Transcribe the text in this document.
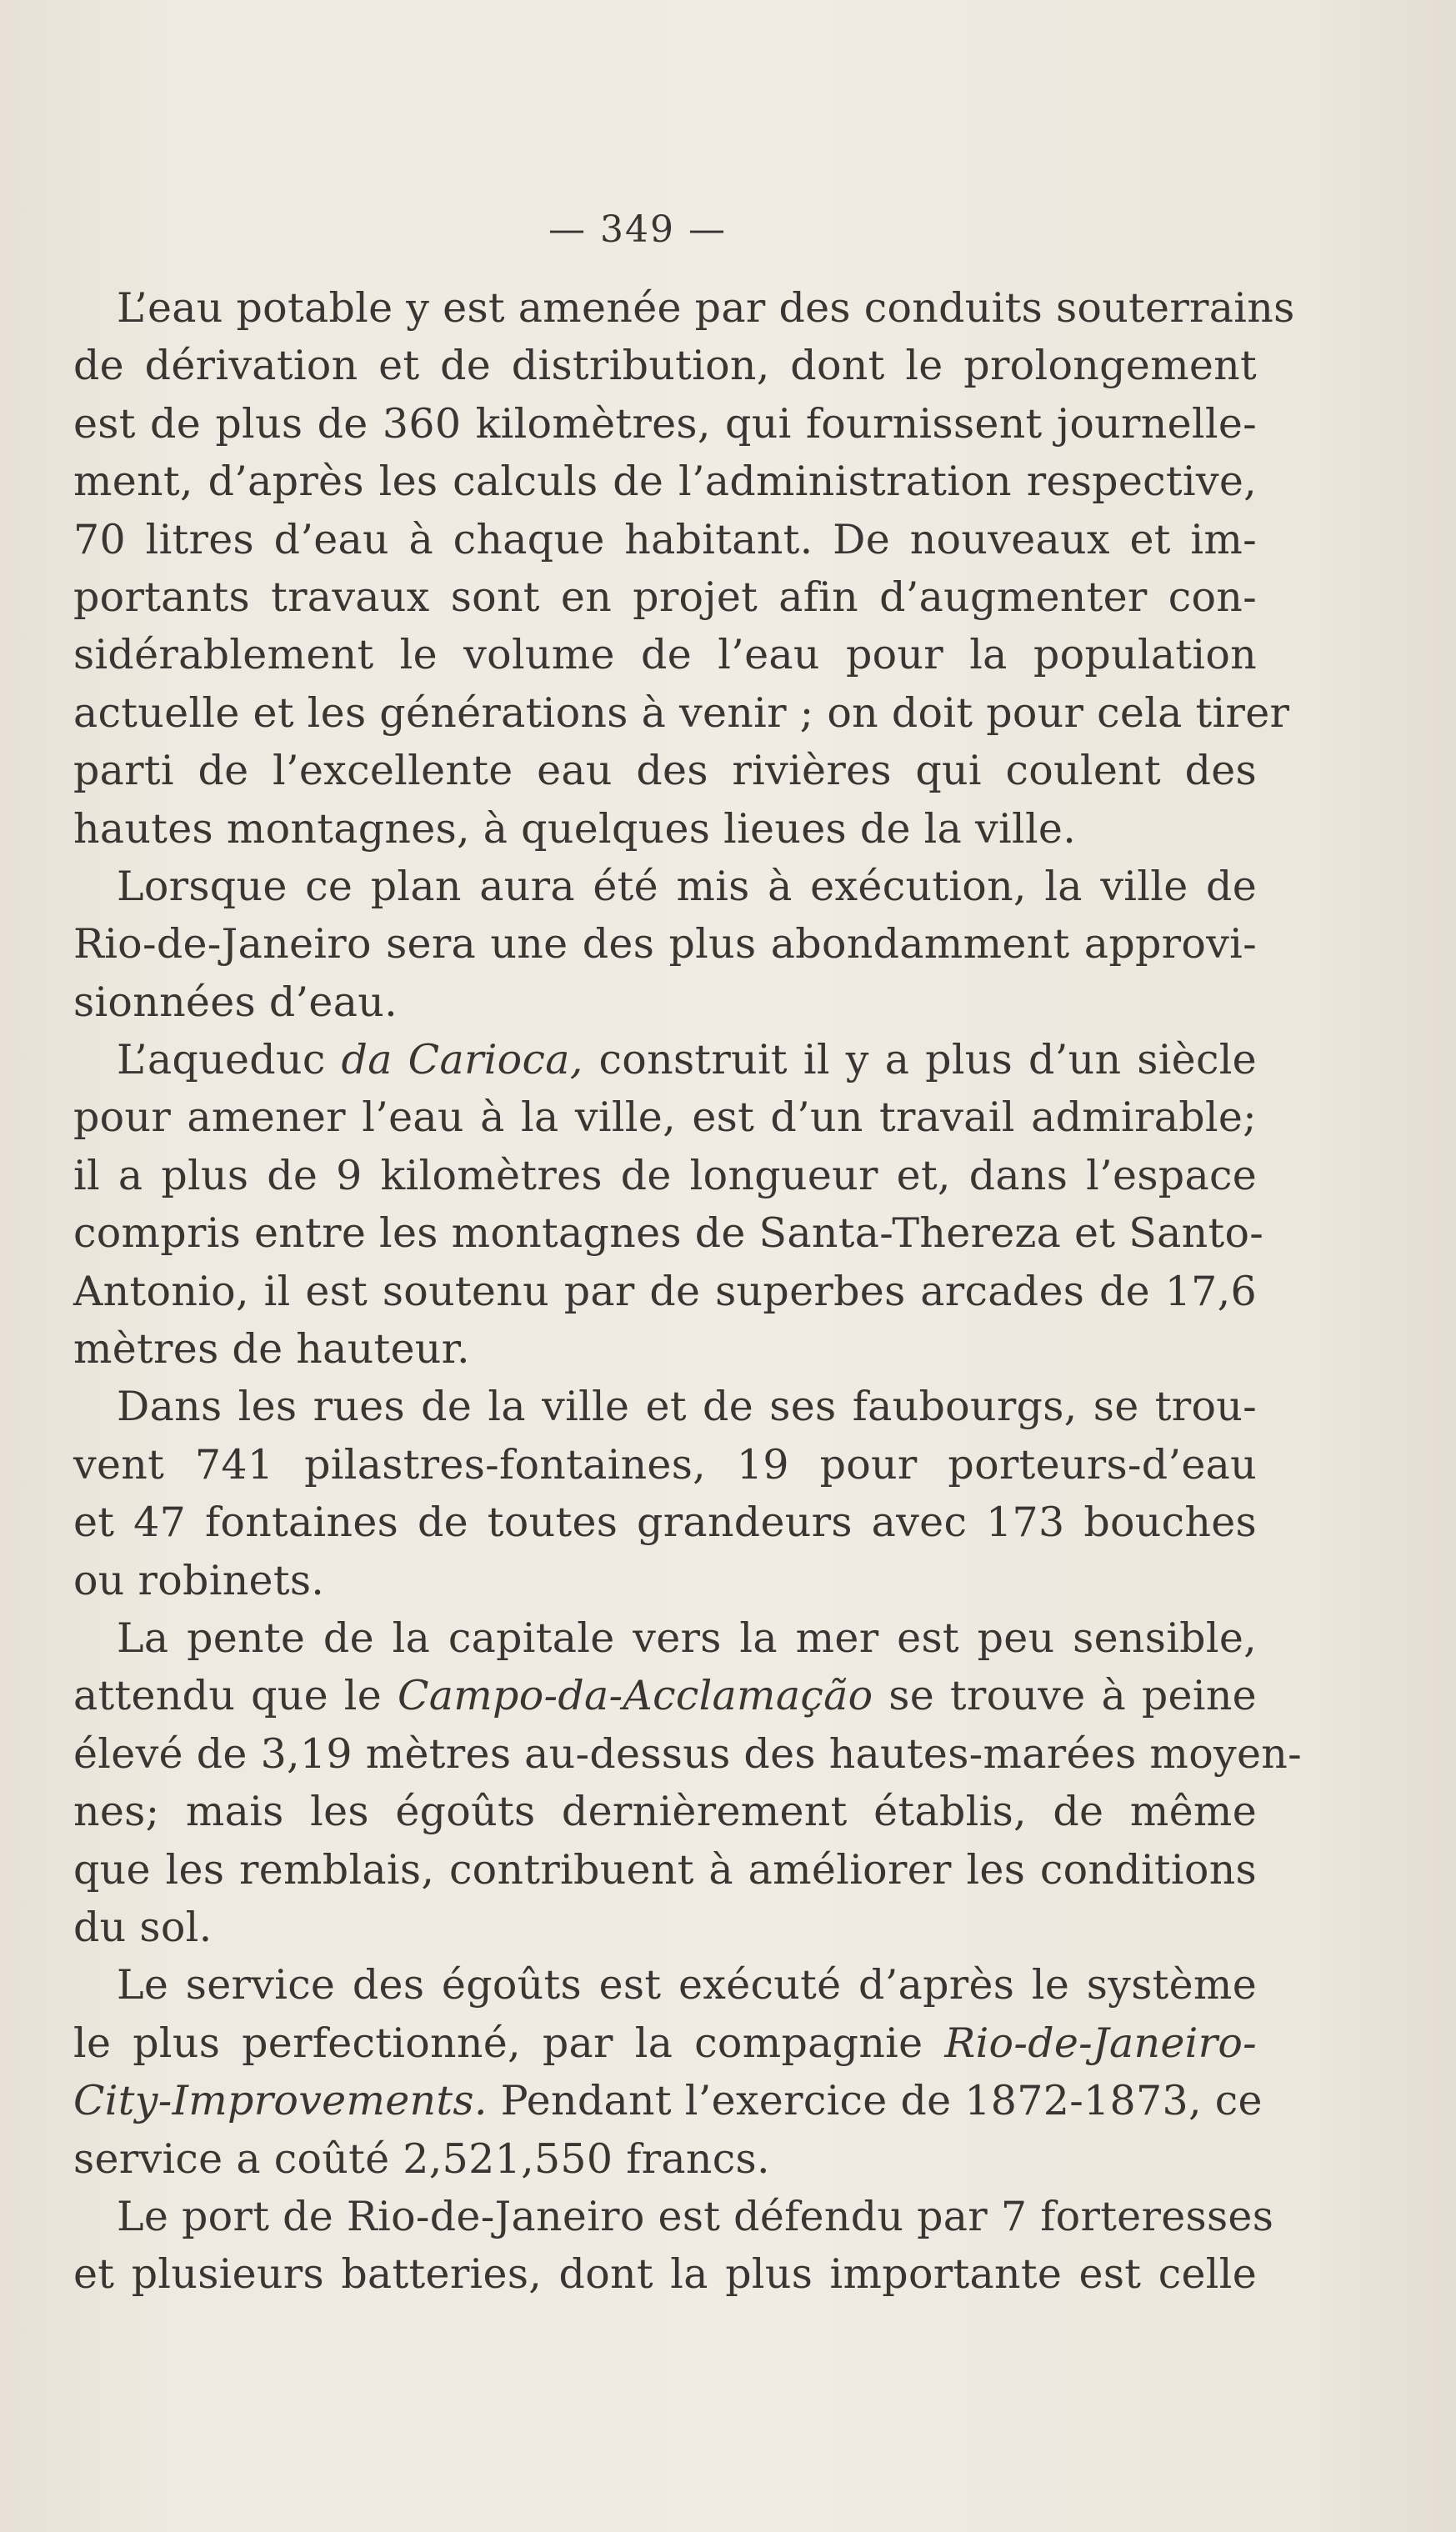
— 349 —
L’eau potable y est amenée par des conduits souterrains
de dérivation et de distribution, dont le prolongement
est de plus de 360 kilomètres, qui fournissent journelle-
ment, d’après les calculs de l’administration respective,
70 litres d’eau à chaque habitant. De nouveaux et im-
portants travaux sont en projet afin d’augmenter con-
sidérablement le volume de l’eau pour la population
actuelle et les générations à venir ; on doit pour cela tirer
parti de l’excellente eau des rivières qui coulent des
hautes montagnes, à quelques lieues de la ville.
Lorsque ce plan aura été mis à exécution, la ville de
Rio-de-Janeiro sera une des plus abondamment approvi-
sionnées d’eau.
L’aqueduc da Carioca, construit il y a plus d’un siècle
pour amener l’eau à la ville, est d’un travail admirable;
il a plus de 9 kilomètres de longueur et, dans l’espace
compris entre les montagnes de Santa-Thereza et Santo-
Antonio, il est soutenu par de superbes arcades de 17,6
mètres de hauteur.
Dans les rues de la ville et de ses faubourgs, se trou-
vent 741 pilastres-fontaines, 19 pour porteurs-d’eau
et 47 fontaines de toutes grandeurs avec 173 bouches
ou robinets.
La pente de la capitale vers la mer est peu sensible,
attendu que le Campo-da-Acclamação se trouve à peine
élevé de 3,19 mètres au-dessus des hautes-marées moyen-
nes; mais les égoûts dernièrement établis, de même
que les remblais, contribuent à améliorer les conditions
du sol.
Le service des égoûts est exécuté d’après le système
le plus perfectionné, par la compagnie Rio-de-Janeiro-
City-Improvements. Pendant l’exercice de 1872-1873, ce
service a coûté 2,521,550 francs.
Le port de Rio-de-Janeiro est défendu par 7 forteresses
et plusieurs batteries, dont la plus importante est celle
